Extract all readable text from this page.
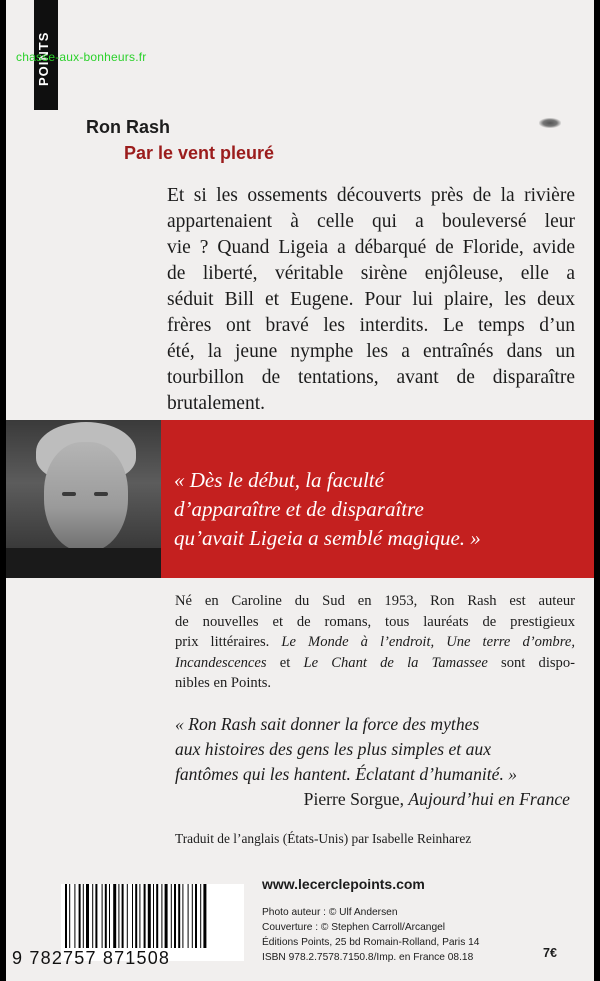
POINTS
chasse-aux-bonheurs.fr
Ron Rash
Par le vent pleuré
Et si les ossements découverts près de la rivière
appartenaient à celle qui a bouleversé leur
vie ? Quand Ligeia a débarqué de Floride, avide
de liberté, véritable sirène enjôleuse, elle a
séduit Bill et Eugene. Pour lui plaire, les deux
frères ont bravé les interdits. Le temps d’un
été, la jeune nymphe les a entraînés dans un
tourbillon de tentations, avant de disparaître
brutalement.
« Dès le début, la faculté
d’apparaître et de disparaître
qu’avait Ligeia a semblé magique. »
Né en Caroline du Sud en 1953, Ron Rash est auteur
de nouvelles et de romans, tous lauréats de prestigieux
prix littéraires. Le Monde à l’endroit, Une terre d’ombre,
Incandescences et Le Chant de la Tamassee sont dispo-
nibles en Points.
« Ron Rash sait donner la force des mythes
aux histoires des gens les plus simples et aux
fantômes qui les hantent. Éclatant d’humanité. »
Pierre Sorgue, Aujourd’hui en France
Traduit de l’anglais (États-Unis) par Isabelle Reinharez
9 782757 871508
www.lecerclepoints.com
Photo auteur : © Ulf Andersen
Couverture : © Stephen Carroll/Arcangel
Éditions Points, 25 bd Romain-Rolland, Paris 14
ISBN 978.2.7578.7150.8/Imp. en France 08.18	7€
